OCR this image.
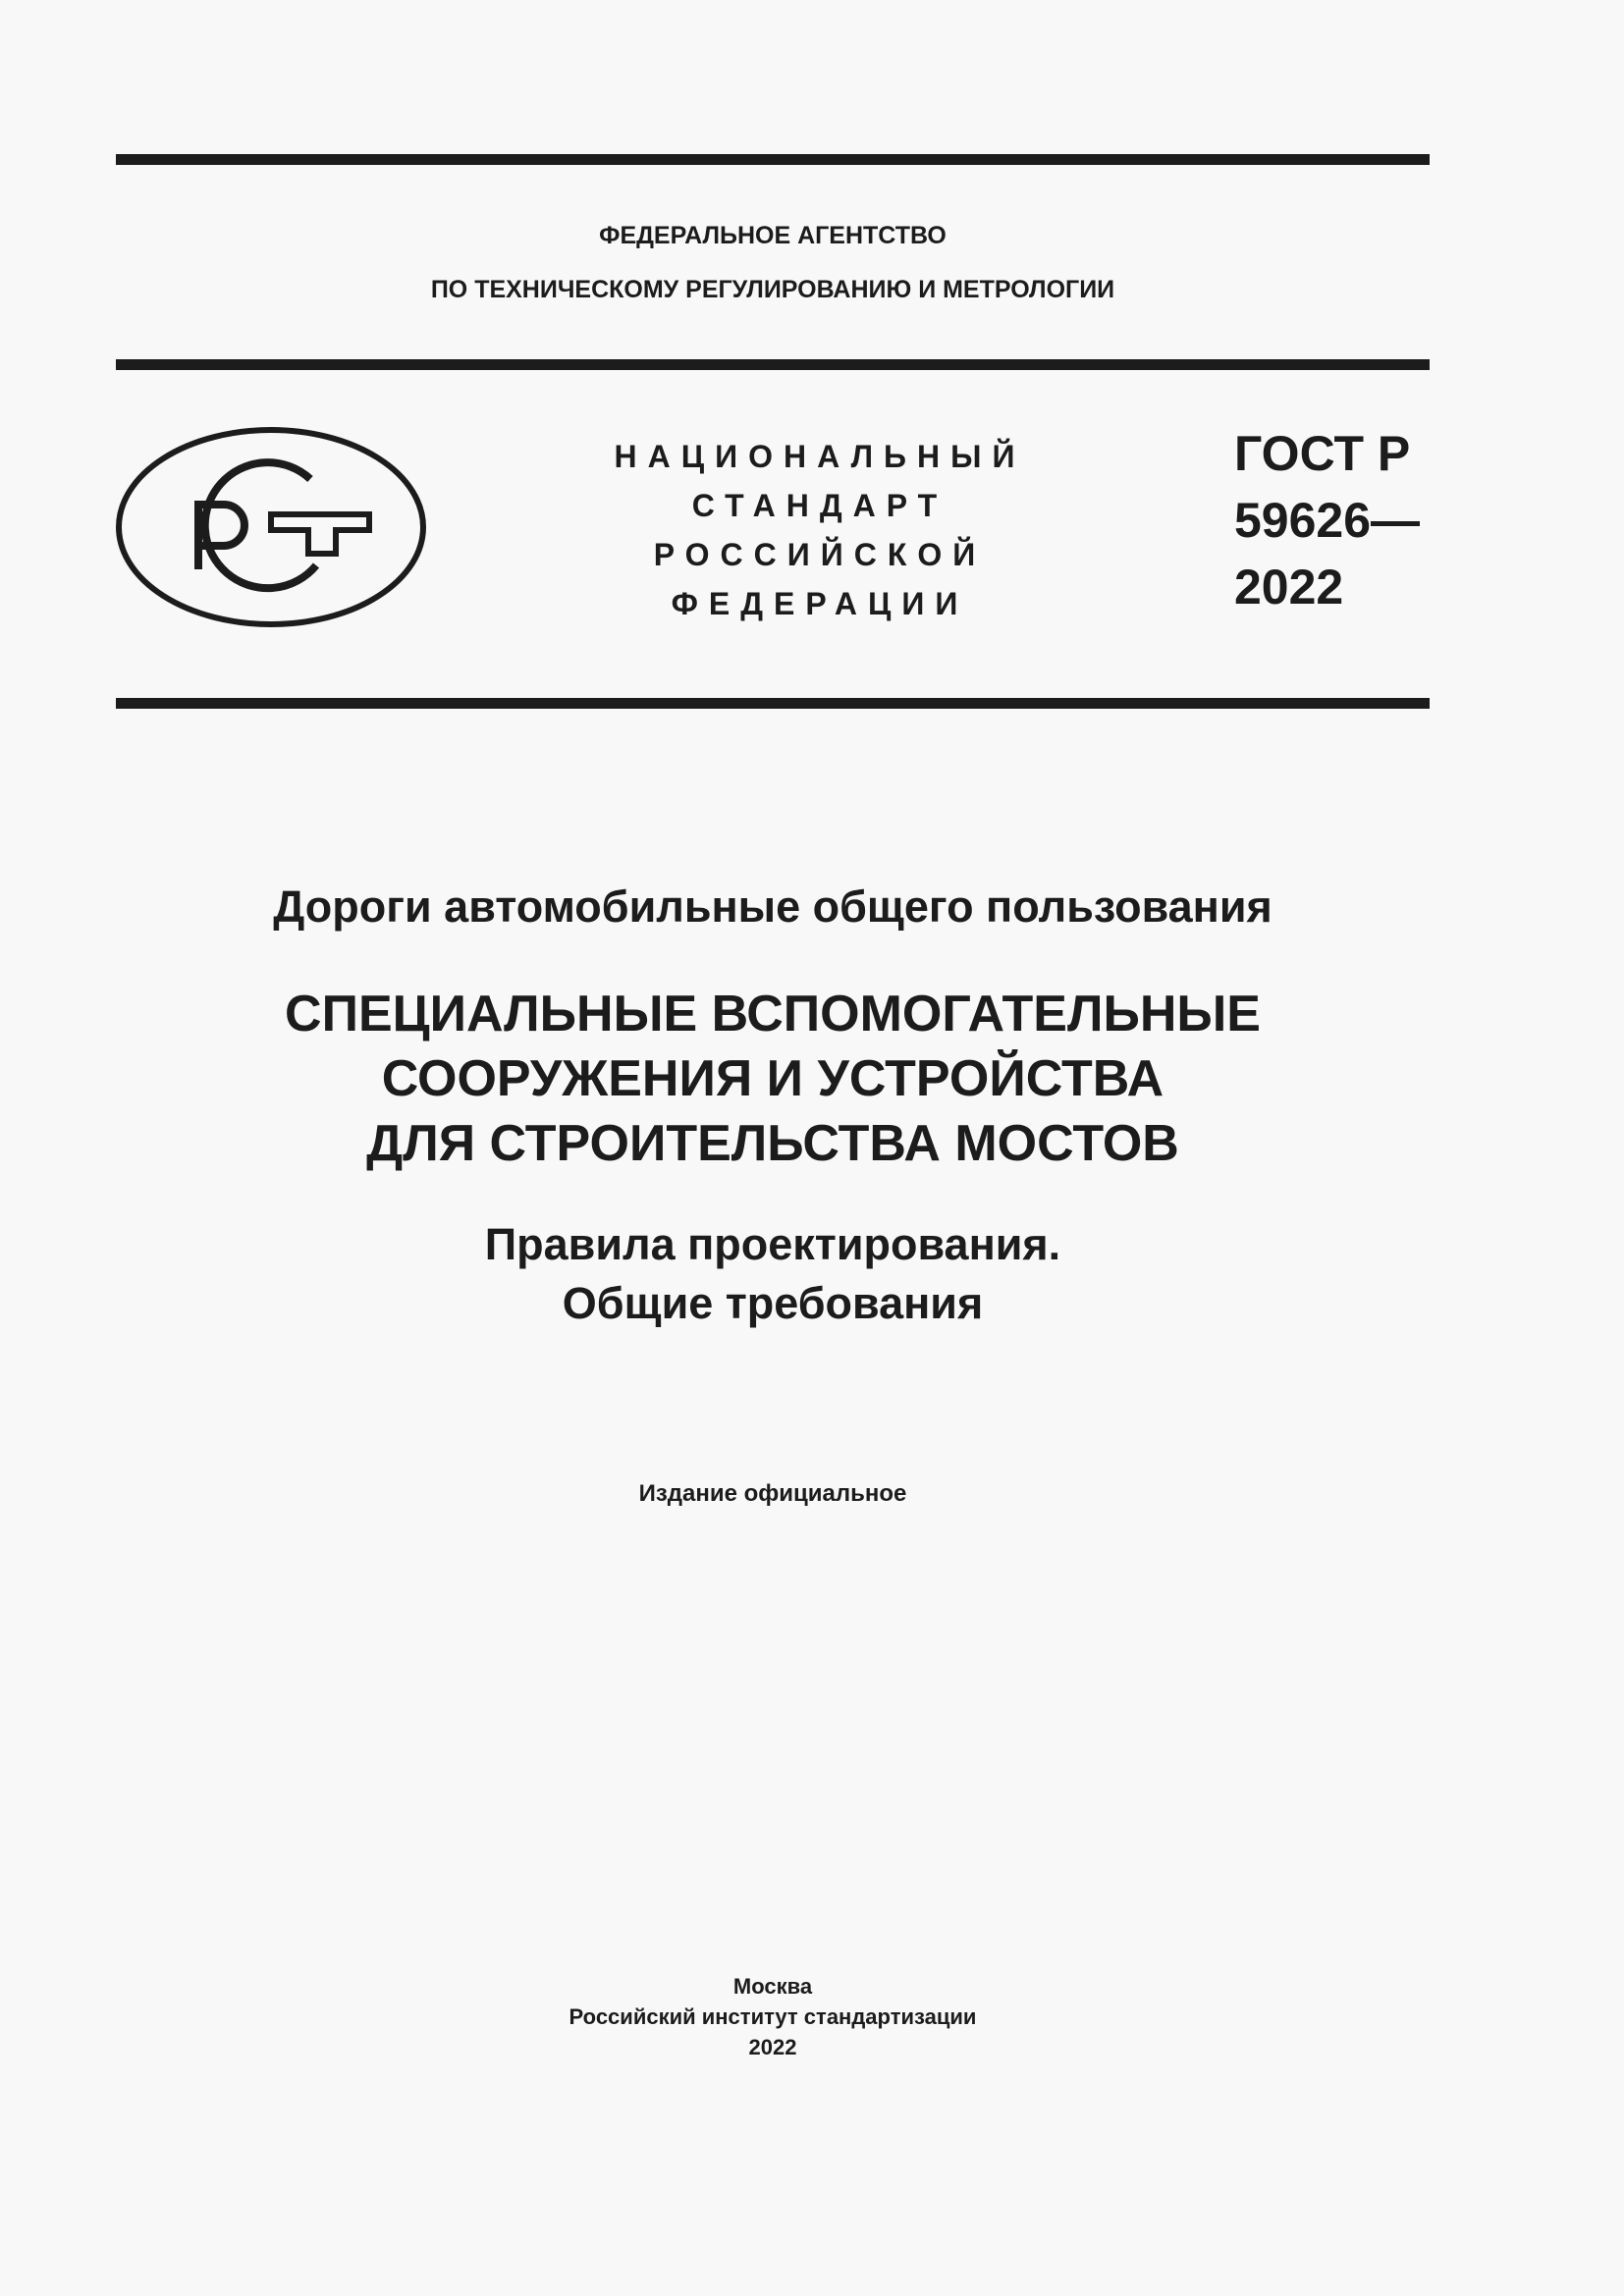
ФЕДЕРАЛЬНОЕ АГЕНТСТВО
ПО ТЕХНИЧЕСКОМУ РЕГУЛИРОВАНИЮ И МЕТРОЛОГИИ
НАЦИОНАЛЬНЫЙ
СТАНДАРТ
РОССИЙСКОЙ
ФЕДЕРАЦИИ
ГОСТ Р
59626—
2022
Дороги автомобильные общего пользования
СПЕЦИАЛЬНЫЕ ВСПОМОГАТЕЛЬНЫЕ
СООРУЖЕНИЯ И УСТРОЙСТВА
ДЛЯ СТРОИТЕЛЬСТВА МОСТОВ
Правила проектирования.
Общие требования
Издание официальное
Москва
Российский институт стандартизации
2022
